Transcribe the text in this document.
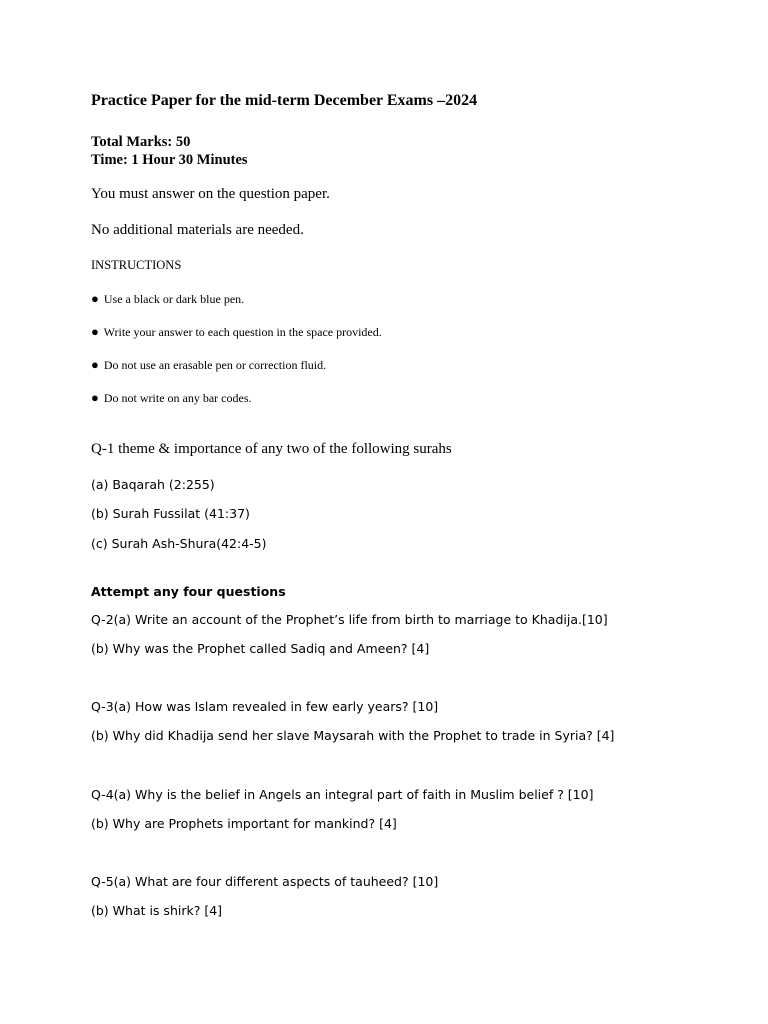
Practice Paper for the mid-term December Exams –2024
Total Marks: 50
Time: 1 Hour 30 Minutes
You must answer on the question paper.
No additional materials are needed.
INSTRUCTIONS
● Use a black or dark blue pen.
● Write your answer to each question in the space provided.
● Do not use an erasable pen or correction fluid.
● Do not write on any bar codes.
Q-1 theme & importance of any two of the following surahs
(a) Baqarah (2:255)
(b) Surah Fussilat (41:37)
(c) Surah Ash-Shura(42:4-5)
Attempt any four questions
Q-2(a) Write an account of the Prophet’s life from birth to marriage to Khadija.[10]
(b) Why was the Prophet called Sadiq and Ameen? [4]
Q-3(a) How was Islam revealed in few early years? [10]
(b) Why did Khadija send her slave Maysarah with the Prophet to trade in Syria? [4]
Q-4(a) Why is the belief in Angels an integral part of faith in Muslim belief ? [10]
(b) Why are Prophets important for mankind? [4]
Q-5(a) What are four different aspects of tauheed? [10]
(b) What is shirk? [4]
